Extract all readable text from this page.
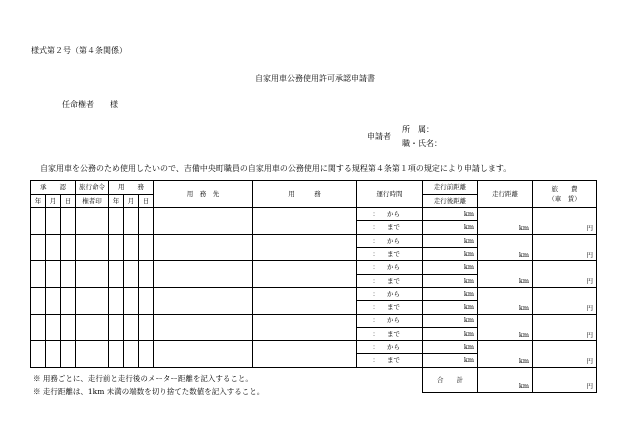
様式第２号（第４条関係）
自家用車公務使用許可承認申請書
任命権者　　様
申請者
所　属：
職・氏名：
自家用車を公務のため使用したいので、吉備中央町職員の自家用車の公務使用に関する規程第４条第１項の規定により申請します。
承　　認			旅行命令	用　　務			用　務　先	用　　　務	運行時間	走行前距離	走行距離	旅　　費
（車　賃）

年	月	日	権者印	年	月	日				走行後距離		
									： から	km	km	円
									： まで	km		
									： から	km	km	円
									： まで	km		
									： から	km	km	円
									： まで	km		
									： から	km	km	円
									： まで	km		
									： から	km	km	円
									： まで	km		
									： から	km	km	円
									： まで	km		
										合　　計	km	円

※ 用務ごとに、走行前と走行後のメーター距離を記入すること。
※ 走行距離は、1km 未満の端数を切り捨てた数値を記入すること。
